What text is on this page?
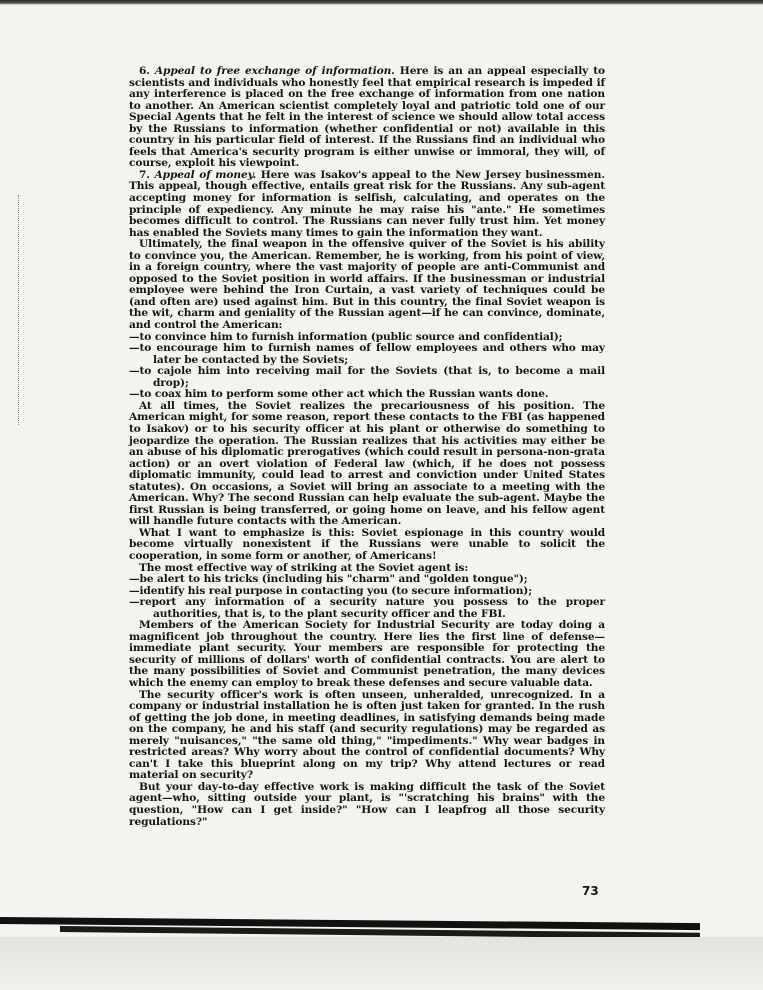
6. Appeal to free exchange of information. Here is an an appeal especially to scientists and individuals who honestly feel that empirical research is impeded if any interference is placed on the free exchange of information from one nation to another. An American scientist completely loyal and patriotic told one of our Special Agents that he felt in the interest of science we should allow total access by the Russians to information (whether confidential or not) available in this country in his particular field of interest. If the Russians find an individual who feels that America's security program is either unwise or immoral, they will, of course, exploit his viewpoint.

7. Appeal of money. Here was Isakov's appeal to the New Jersey businessmen. This appeal, though effective, entails great risk for the Russians. Any sub-agent accepting money for information is selfish, calculating, and operates on the principle of expediency. Any minute he may raise his "ante." He sometimes becomes difficult to control. The Russians can never fully trust him. Yet money has enabled the Soviets many times to gain the information they want.

Ultimately, the final weapon in the offensive quiver of the Soviet is his ability to convince you, the American. Remember, he is working, from his point of view, in a foreign country, where the vast majority of people are anti-Communist and opposed to the Soviet position in world affairs. If the businessman or industrial employee were behind the Iron Curtain, a vast variety of techniques could be (and often are) used against him. But in this country, the final Soviet weapon is the wit, charm and geniality of the Russian agent—if he can convince, dominate, and control the American:

—to convince him to furnish information (public source and confidential);

—to encourage him to furnish names of fellow employees and others who may later be contacted by the Soviets;

—to cajole him into receiving mail for the Soviets (that is, to become a mail drop);

—to coax him to perform some other act which the Russian wants done.

At all times, the Soviet realizes the precariousness of his position. The American might, for some reason, report these contacts to the FBI (as happened to Isakov) or to his security officer at his plant or otherwise do something to jeopardize the operation. The Russian realizes that his activities may either be an abuse of his diplomatic prerogatives (which could result in persona-non-grata action) or an overt violation of Federal law (which, if he does not possess diplomatic immunity, could lead to arrest and conviction under United States statutes). On occasions, a Soviet will bring an associate to a meeting with the American. Why? The second Russian can help evaluate the sub-agent. Maybe the first Russian is being transferred, or going home on leave, and his fellow agent will handle future contacts with the American.

What I want to emphasize is this: Soviet espionage in this country would become virtually nonexistent if the Russians were unable to solicit the cooperation, in some form or another, of Americans!

The most effective way of striking at the Soviet agent is:

—be alert to his tricks (including his "charm" and "golden tongue");

—identify his real purpose in contacting you (to secure information);

—report any information of a security nature you possess to the proper authorities, that is, to the plant security officer and the FBI.

Members of the American Society for Industrial Security are today doing a magnificent job throughout the country. Here lies the first line of defense—immediate plant security. Your members are responsible for protecting the security of millions of dollars' worth of confidential contracts. You are alert to the many possibilities of Soviet and Communist penetration, the many devices which the enemy can employ to break these defenses and secure valuable data.

The security officer's work is often unseen, unheralded, unrecognized. In a company or industrial installation he is often just taken for granted. In the rush of getting the job done, in meeting deadlines, in satisfying demands being made on the company, he and his staff (and security regulations) may be regarded as merely "nuisances," "the same old thing," "impediments." Why wear badges in restricted areas? Why worry about the control of confidential documents? Why can't I take this blueprint along on my trip? Why attend lectures or read material on security?

But your day-to-day effective work is making difficult the task of the Soviet agent—who, sitting outside your plant, is "'scratching his brains" with the question, "How can I get inside?" "How can I leapfrog all those security regulations?"

73
